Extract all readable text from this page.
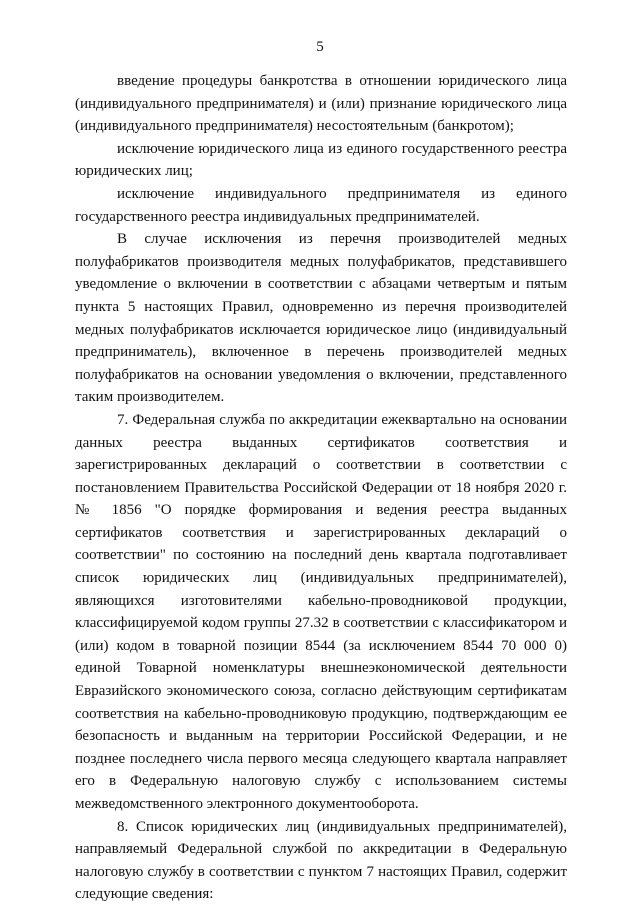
5

введение процедуры банкротства в отношении юридического лица (индивидуального предпринимателя) и (или) признание юридического лица (индивидуального предпринимателя) несостоятельным (банкротом);

исключение юридического лица из единого государственного реестра юридических лиц;

исключение индивидуального предпринимателя из единого государственного реестра индивидуальных предпринимателей.

В случае исключения из перечня производителей медных полуфабрикатов производителя медных полуфабрикатов, представившего уведомление о включении в соответствии с абзацами четвертым и пятым пункта 5 настоящих Правил, одновременно из перечня производителей медных полуфабрикатов исключается юридическое лицо (индивидуальный предприниматель), включенное в перечень производителей медных полуфабрикатов на основании уведомления о включении, представленного таким производителем.

7. Федеральная служба по аккредитации ежеквартально на основании данных реестра выданных сертификатов соответствия и зарегистрированных деклараций о соответствии в соответствии с постановлением Правительства Российской Федерации от 18 ноября 2020 г. № 1856 "О порядке формирования и ведения реестра выданных сертификатов соответствия и зарегистрированных деклараций о соответствии" по состоянию на последний день квартала подготавливает список юридических лиц (индивидуальных предпринимателей), являющихся изготовителями кабельно-проводниковой продукции, классифицируемой кодом группы 27.32 в соответствии с классификатором и (или) кодом в товарной позиции 8544 (за исключением 8544 70 000 0) единой Товарной номенклатуры внешнеэкономической деятельности Евразийского экономического союза, согласно действующим сертификатам соответствия на кабельно-проводниковую продукцию, подтверждающим ее безопасность и выданным на территории Российской Федерации, и не позднее последнего числа первого месяца следующего квартала направляет его в Федеральную налоговую службу с использованием системы межведомственного электронного документооборота.

8. Список юридических лиц (индивидуальных предпринимателей), направляемый Федеральной службой по аккредитации в Федеральную налоговую службу в соответствии с пунктом 7 настоящих Правил, содержит следующие сведения:
